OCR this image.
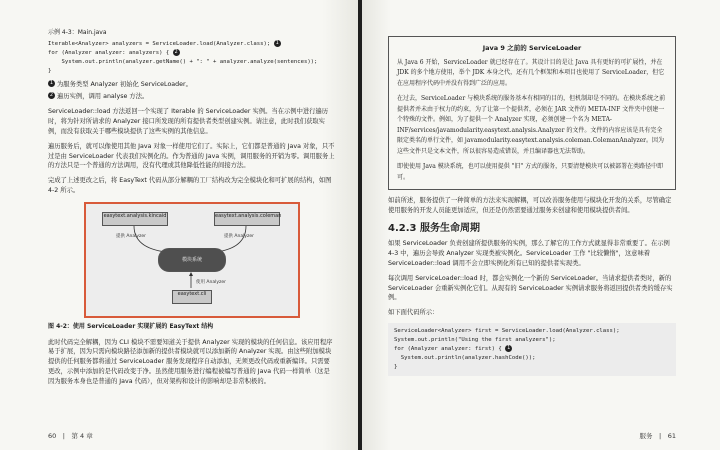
示例 4-3：Main.java
Iterable<Analyzer> analyzers = ServiceLoader.load(Analyzer.class); 1
for (Analyzer analyzer: analyzers) { 2
System.out.println(analyzer.getName() + ": " + analyzer.analyze(sentences));
}
1 为服务类型 Analyzer 初始化 ServiceLoader。
2 遍历实例，调用 analyse 方法。

ServiceLoader::load 方法返回一个实现了 Iterable 的 ServiceLoader 实例。当在示例中进行遍历时，将为针对所请求的 Analyzer 接口所发现的所有提供者类型创建实例。请注意，此时我们获取实例，而没有获取关于哪些模块提供了这些实例的其他信息。

遍历服务后，就可以像使用其他 Java 对象一样使用它们了。实际上，它们都是普通的 Java 对象，只不过是由 ServiceLoader 代表我们实例化的。作为普通的 Java 实例，调用服务的开销为零。调用服务上的方法只是一个普通的方法调用，没有代理或其他降低性能的间接方法。

完成了上述更改之后，将 EasyText 代码从部分解耦的工厂结构改为完全模块化和可扩展的结构，如图 4-2 所示。

easytext.analysis.kincaid	easytext.analysis.coleman
提供 Analyzer	提供 Analyzer
模块系统
使用 Analyzer
easytext.cli
图 4-2：使用 ServiceLoader 实现扩展的 EasyText 结构

此时代码完全解耦，因为 CLI 模块不需要知道关于提供 Analyzer 实现的模块的任何信息。该应用程序易于扩展，因为只需向模块路径添加新的提供者模块就可以添加新的 Analyzer 实现。由这些附加模块提供的任何服务都将通过 ServiceLoader 服务发现程序自动添加，无须更改代码或重新编译。只需要更改，示例中添加的是代码改变于净。虽然使用服务进行编程被编写普通的 Java 代码一样简单（这是因为服务本身也是普通的 Java 代码），但对架构和设计的影响却是非常积极的。

60　|　第 4 章
Java 9 之前的 ServiceLoader

从 Java 6 开始，ServiceLoader 就已经存在了。其设计目的是让 Java 具有更好的可扩展性，并在 JDK 的多个地方使用，举个 JDK 本身之代，还有几个框架和本项目也使用了 ServiceLoader，但它在应用程序代码中并没有得到广泛的应用。

在过去，ServiceLoader 与模块系统的服务基本有相同的目的，但机制却是不同的。在模块系统之前提供者并未由于权力的约束，为了让第一个提供者，必须在 JAR 文件的 META-INF 文件夹中创建一个特殊的文件。例如，为了提供一个 Analyzer 实现，必须创建一个名为 META-INF/services/javamodularity.easytext.analysis.Analyzer 的文件。文件的内容应该是具有完全限定类名的单行文件，如 javamodularity.easytext.analysis.coleman.ColemanAnalyzer。因为这些文件只是文本文件，所以很容易造成错误，并且编译器也无法帮助。

即使使用 Java 模块系统，也可以使用提供 "旧" 方式的服务，只要清楚模块可以被部署在类路径中即可。

如前所述，服务提供了一种简单的方法来实现解耦，可以改善服务使用与模块化开发的关系，尽管确定使用服务的开发人员能更加适应，但还是仍然需要通过服务来创建和使用模块提供者间。

4.2.3 服务生命周期

如果 ServiceLoader 负责创建所提供服务的实例，那么了解它的工作方式就显得非常重要了。在示例 4-3 中，遍历会导致 Analyzer 实现类被实例化。ServiceLoader 工作 "比较懒惰"，这意味着 ServiceLoader::load 调用不会立即实例化所有已知的提供者实现类。

每次调用 ServiceLoader::load 时，都会实例化一个新的 ServiceLoader。当请求提供者类时，新的 ServiceLoader 会重新实例化它们。从现有的 ServiceLoader 实例请求服务将返回提供者类的缓存实例。

如下面代码所示：

ServiceLoader<Analyzer> first = ServiceLoader.load(Analyzer.class);
System.out.println("Using the first analyzers");
for (Analyzer analyzer: first) { 1
System.out.println(analyzer.hashCode());
}
服务　|　61
